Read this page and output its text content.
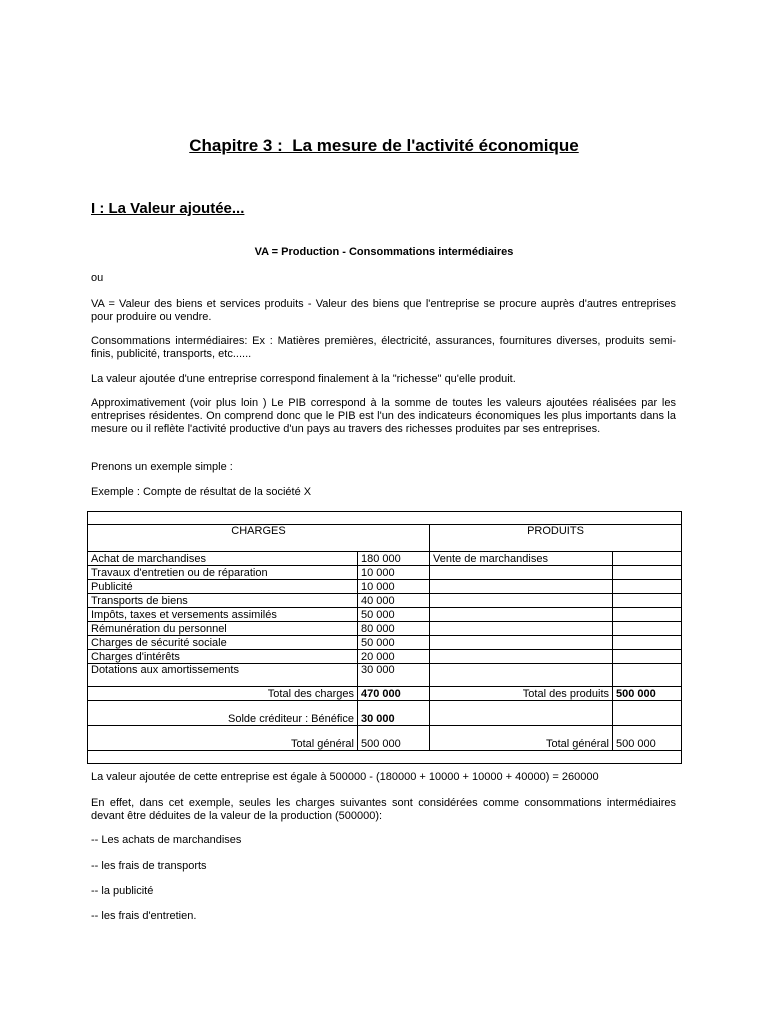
Chapitre 3 :  La mesure de l'activité économique
I : La Valeur ajoutée...
VA = Production - Consommations intermédiaires
ou
VA = Valeur des biens et services produits - Valeur des biens que l'entreprise se procure auprès d'autres entreprises pour produire ou vendre.
Consommations intermédiaires: Ex : Matières premières, électricité, assurances, fournitures diverses, produits semi-finis, publicité, transports, etc......
La valeur ajoutée d'une entreprise correspond finalement à la "richesse" qu'elle produit.
Approximativement (voir plus loin ) Le PIB correspond à la somme de toutes les valeurs ajoutées réalisées par les entreprises résidentes. On comprend donc que le PIB est l'un des indicateurs économiques les plus importants dans la mesure ou il reflète l'activité productive d'un pays au travers des richesses produites par ses entreprises.
Prenons un exemple simple :
Exemple : Compte de résultat de la société X

CHARGES		PRODUITS	
Achat de marchandises	180 000	Vente de marchandises	
Travaux d'entretien ou de réparation	10 000		
Publicité	10 000		
Transports de biens	40 000		
Impôts, taxes et versements assimilés	50 000		
Rémunération du personnel	80 000		
Charges de sécurité sociale	50 000		
Charges d'intérêts	20 000		
Dotations aux amortissements	30 000		
Total des charges	470 000	Total des produits	500 000
Solde créditeur : Bénéfice	30 000		
Total général	500 000	Total général	500 000

La valeur ajoutée de cette entreprise est égale à 500000 - (180000 + 10000 + 10000 + 40000) = 260000
En effet, dans cet exemple, seules les charges suivantes sont considérées comme consommations intermédiaires devant être déduites de la valeur de la production (500000):
-- Les achats de marchandises
-- les frais de transports
-- la publicité
-- les frais d'entretien.
